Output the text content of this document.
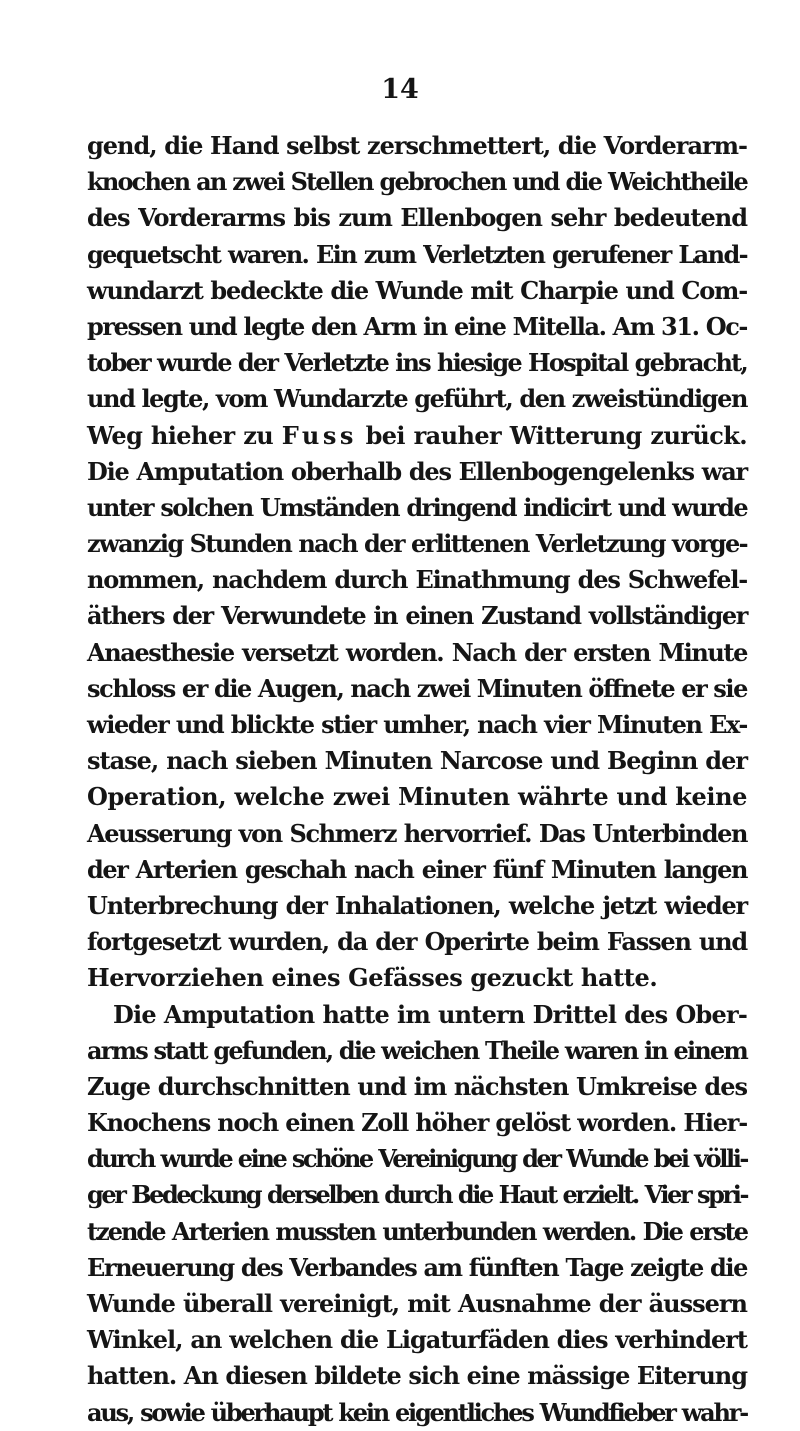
14
gend, die Hand selbst zerschmettert, die Vorderarm-
knochen an zwei Stellen gebrochen und die Weichtheile
des Vorderarms bis zum Ellenbogen sehr bedeutend
gequetscht waren. Ein zum Verletzten gerufener Land-
wundarzt bedeckte die Wunde mit Charpie und Com-
pressen und legte den Arm in eine Mitella. Am 31. Oc-
tober wurde der Verletzte ins hiesige Hospital gebracht,
und legte, vom Wundarzte geführt, den zweistündigen
Weg hieher zu Fuss bei rauher Witterung zurück.
Die Amputation oberhalb des Ellenbogengelenks war
unter solchen Umständen dringend indicirt und wurde
zwanzig Stunden nach der erlittenen Verletzung vorge-
nommen, nachdem durch Einathmung des Schwefel-
äthers der Verwundete in einen Zustand vollständiger
Anaesthesie versetzt worden. Nach der ersten Minute
schloss er die Augen, nach zwei Minuten öffnete er sie
wieder und blickte stier umher, nach vier Minuten Ex-
stase, nach sieben Minuten Narcose und Beginn der
Operation, welche zwei Minuten währte und keine
Aeusserung von Schmerz hervorrief. Das Unterbinden
der Arterien geschah nach einer fünf Minuten langen
Unterbrechung der Inhalationen, welche jetzt wieder
fortgesetzt wurden, da der Operirte beim Fassen und
Hervorziehen eines Gefässes gezuckt hatte.
Die Amputation hatte im untern Drittel des Ober-
arms statt gefunden, die weichen Theile waren in einem
Zuge durchschnitten und im nächsten Umkreise des
Knochens noch einen Zoll höher gelöst worden. Hier-
durch wurde eine schöne Vereinigung der Wunde bei völli-
ger Bedeckung derselben durch die Haut erzielt. Vier spri-
tzende Arterien mussten unterbunden werden. Die erste
Erneuerung des Verbandes am fünften Tage zeigte die
Wunde überall vereinigt, mit Ausnahme der äussern
Winkel, an welchen die Ligaturfäden dies verhindert
hatten. An diesen bildete sich eine mässige Eiterung
aus, sowie überhaupt kein eigentliches Wundfieber wahr-
